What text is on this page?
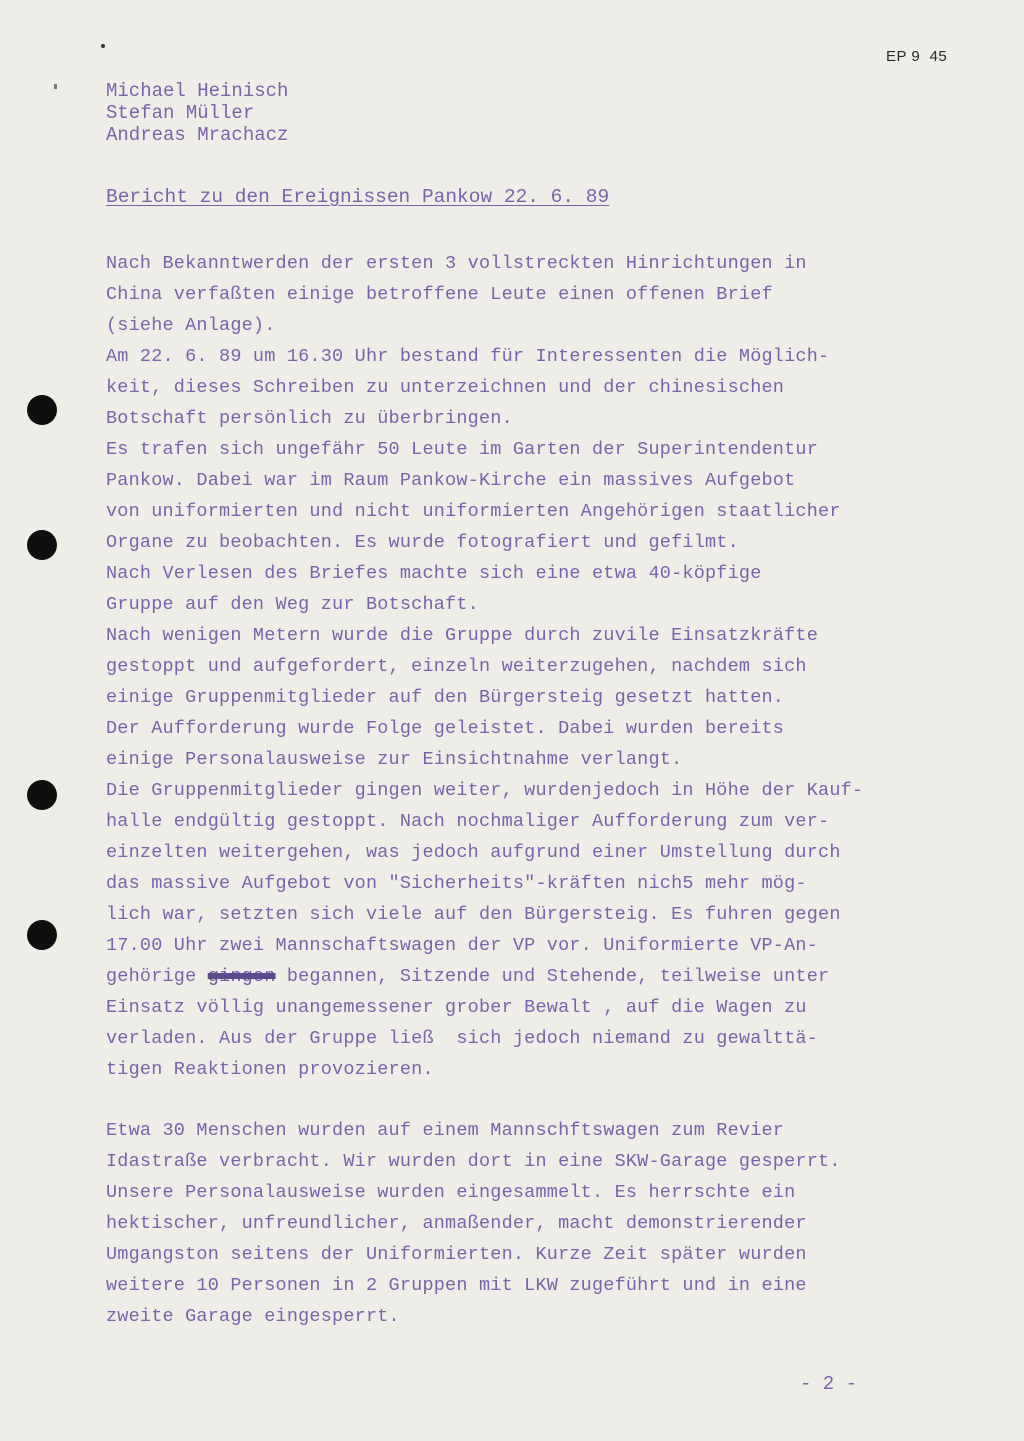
EP 9  45
Michael Heinisch
Stefan Müller
Andreas Mrachacz
Bericht zu den Ereignissen Pankow 22. 6. 89
Nach Bekanntwerden der ersten 3 vollstreckten Hinrichtungen in
China verfaßten einige betroffene Leute einen offenen Brief
(siehe Anlage).
Am 22. 6. 89 um 16.30 Uhr bestand für Interessenten die Möglich-
keit, dieses Schreiben zu unterzeichnen und der chinesischen
Botschaft persönlich zu überbringen.
Es trafen sich ungefähr 50 Leute im Garten der Superintendentur
Pankow. Dabei war im Raum Pankow-Kirche ein massives Aufgebot
von uniformierten und nicht uniformierten Angehörigen staatlicher
Organe zu beobachten. Es wurde fotografiert und gefilmt.
Nach Verlesen des Briefes machte sich eine etwa 40-köpfige
Gruppe auf den Weg zur Botschaft.
Nach wenigen Metern wurde die Gruppe durch zuvile Einsatzkräfte
gestoppt und aufgefordert, einzeln weiterzugehen, nachdem sich
einige Gruppenmitglieder auf den Bürgersteig gesetzt hatten.
Der Aufforderung wurde Folge geleistet. Dabei wurden bereits
einige Personalausweise zur Einsichtnahme verlangt.
Die Gruppenmitglieder gingen weiter, wurdenjedoch in Höhe der Kauf-
halle endgültig gestoppt. Nach nochmaliger Aufforderung zum ver-
einzelten weitergehen, was jedoch aufgrund einer Umstellung durch
das massive Aufgebot von "Sicherheits"-kräften nich5 mehr mög-
lich war, setzten sich viele auf den Bürgersteig. Es fuhren gegen
17.00 Uhr zwei Mannschaftswagen der VP vor. Uniformierte VP-An-
gehörige gingen begannen, Sitzende und Stehende, teilweise unter
Einsatz völlig unangemessener grober Bewalt , auf die Wagen zu
verladen. Aus der Gruppe ließ  sich jedoch niemand zu gewalttä-
tigen Reaktionen provozieren.
Etwa 30 Menschen wurden auf einem Mannschftswagen zum Revier
Idastraße verbracht. Wir wurden dort in eine SKW-Garage gesperrt.
Unsere Personalausweise wurden eingesammelt. Es herrschte ein
hektischer, unfreundlicher, anmaßender, macht demonstrierender
Umgangston seitens der Uniformierten. Kurze Zeit später wurden
weitere 10 Personen in 2 Gruppen mit LKW zugeführt und in eine
zweite Garage eingesperrt.
- 2 -
